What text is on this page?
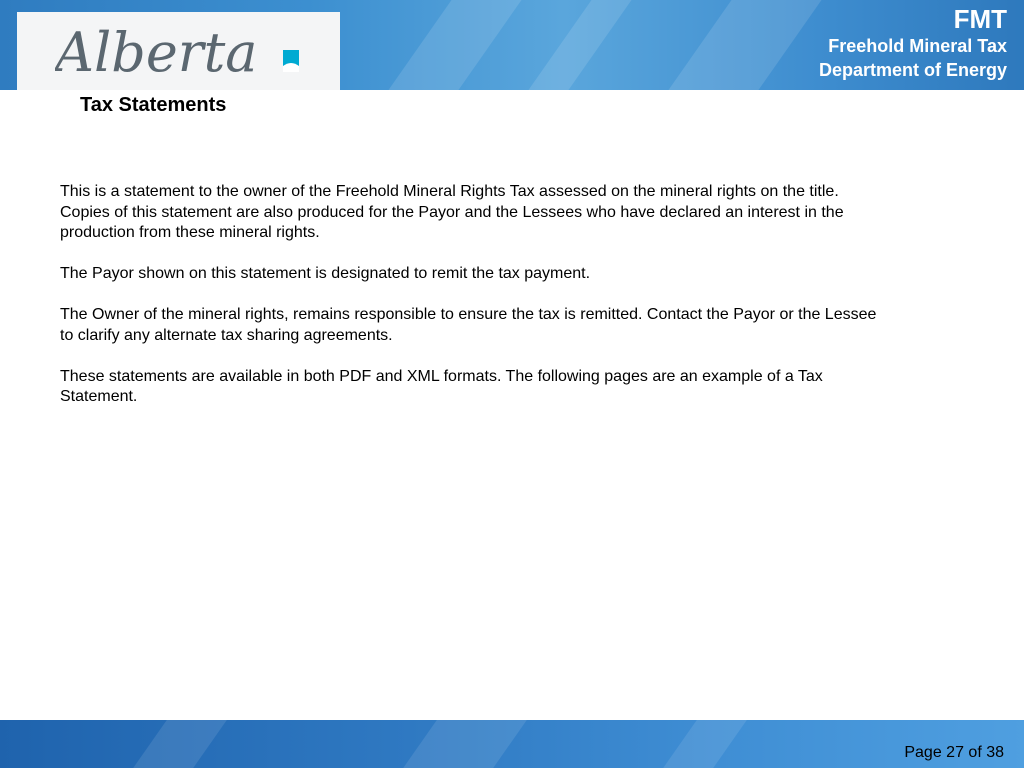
Alberta
FMT
Freehold Mineral Tax
Department of Energy
Tax Statements

This is a statement to the owner of the Freehold Mineral Rights Tax assessed on the mineral rights on the title. Copies of this statement are also produced for the Payor and the Lessees who have declared an interest in the production from these mineral rights.

The Payor shown on this statement is designated to remit the tax payment.

The Owner of the mineral rights, remains responsible to ensure the tax is remitted. Contact the Payor or the Lessee to clarify any alternate tax sharing agreements.

These statements are available in both PDF and XML formats. The following pages are an example of a Tax Statement.

Page 27 of 38
